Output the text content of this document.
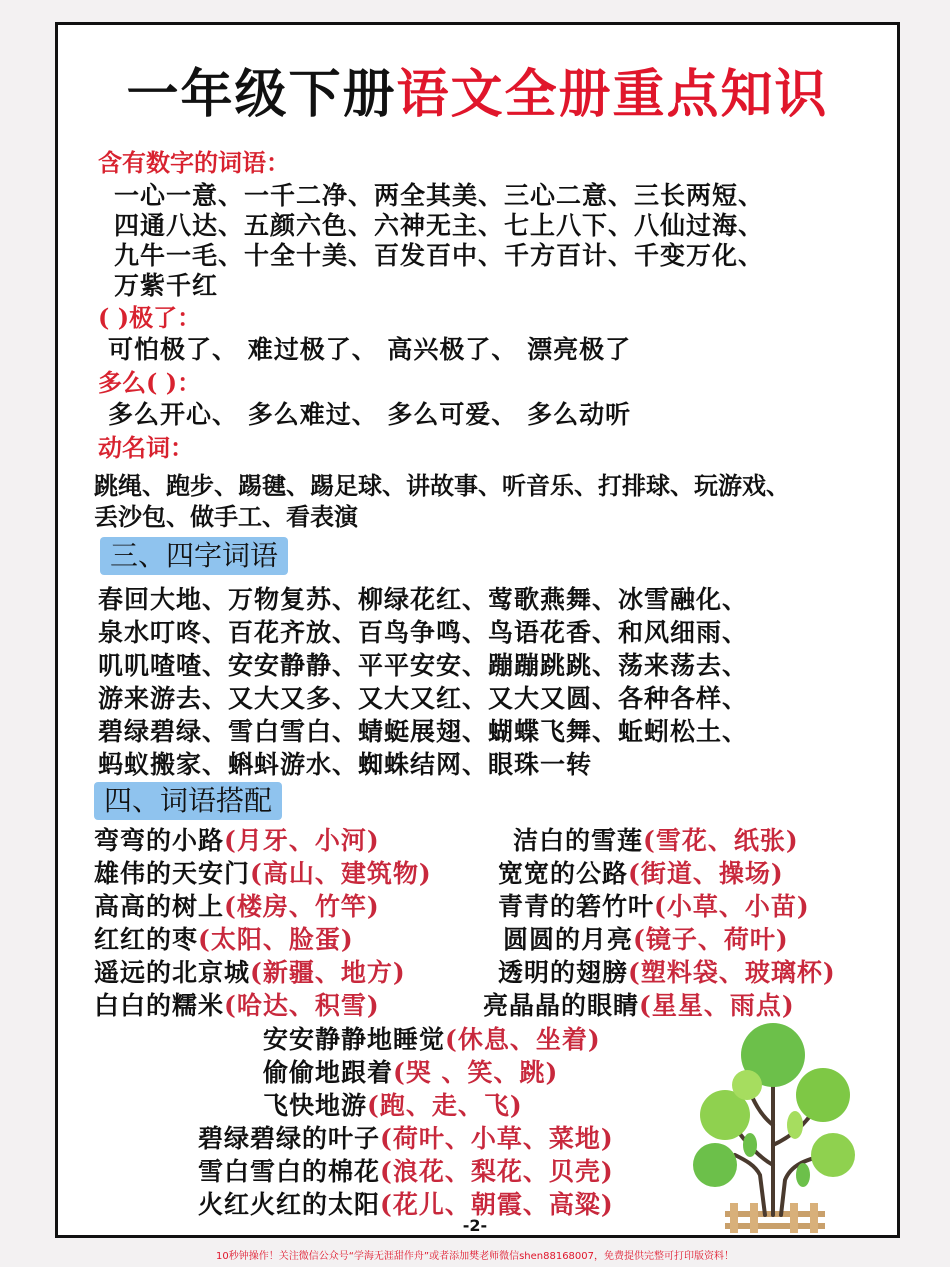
一年级下册语文全册重点知识
含有数字的词语：
一心一意、一千二净、两全其美、三心二意、三长两短、
四通八达、五颜六色、六神无主、七上八下、八仙过海、
九牛一毛、十全十美、百发百中、千方百计、千变万化、
万紫千红
( )极了：
可怕极了、 难过极了、 高兴极了、 漂亮极了
多么( )：
多么开心、 多么难过、 多么可爱、 多么动听
动名词：
跳绳、跑步、踢毽、踢足球、讲故事、听音乐、打排球、玩游戏、
丢沙包、做手工、看表演
三、四字词语
春回大地、万物复苏、柳绿花红、莺歌燕舞、冰雪融化、
泉水叮咚、百花齐放、百鸟争鸣、鸟语花香、和风细雨、
叽叽喳喳、安安静静、平平安安、蹦蹦跳跳、荡来荡去、
游来游去、又大又多、又大又红、又大又圆、各种各样、
碧绿碧绿、雪白雪白、蜻蜓展翅、蝴蝶飞舞、蚯蚓松土、
蚂蚁搬家、蝌蚪游水、蜘蛛结网、眼珠一转
四、词语搭配
弯弯的小路(月牙、小河)
雄伟的天安门(高山、建筑物)
高高的树上(楼房、竹竿)
红红的枣(太阳、脸蛋)
遥远的北京城(新疆、地方)
白白的糯米(哈达、积雪)
洁白的雪莲(雪花、纸张)
宽宽的公路(街道、操场)
青青的箬竹叶(小草、小苗)
圆圆的月亮(镜子、荷叶)
透明的翅膀(塑料袋、玻璃杯)
亮晶晶的眼睛(星星、雨点)
安安静静地睡觉(休息、坐着)
偷偷地跟着(哭 、笑、跳)
飞快地游(跑、走、飞)
碧绿碧绿的叶子(荷叶、小草、菜地)
雪白雪白的棉花(浪花、梨花、贝壳)
火红火红的太阳(花儿、朝霞、高粱)
-2-
10秒钟操作！关注微信公众号“学海无涯甜作舟”或者添加樊老师微信shen88168007，免费提供完整可打印版资料！
